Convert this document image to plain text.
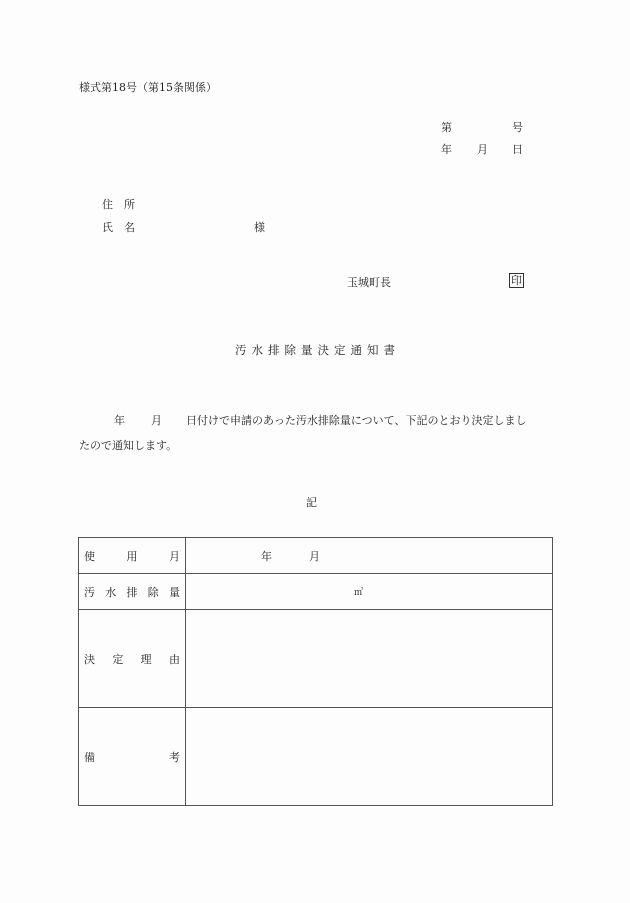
様式第18号（第15条関係）
第	号
年 月 日
住　所
氏　名	様
玉城町長	印
汚水排除量決定通知書
年 月 日付けで申請のあった汚水排除量について、下記のとおり決定しまし
たので通知します。
記
使 用 月	年 月

汚 水 排 除 量	㎥

決 定 理 由	

備 考	
